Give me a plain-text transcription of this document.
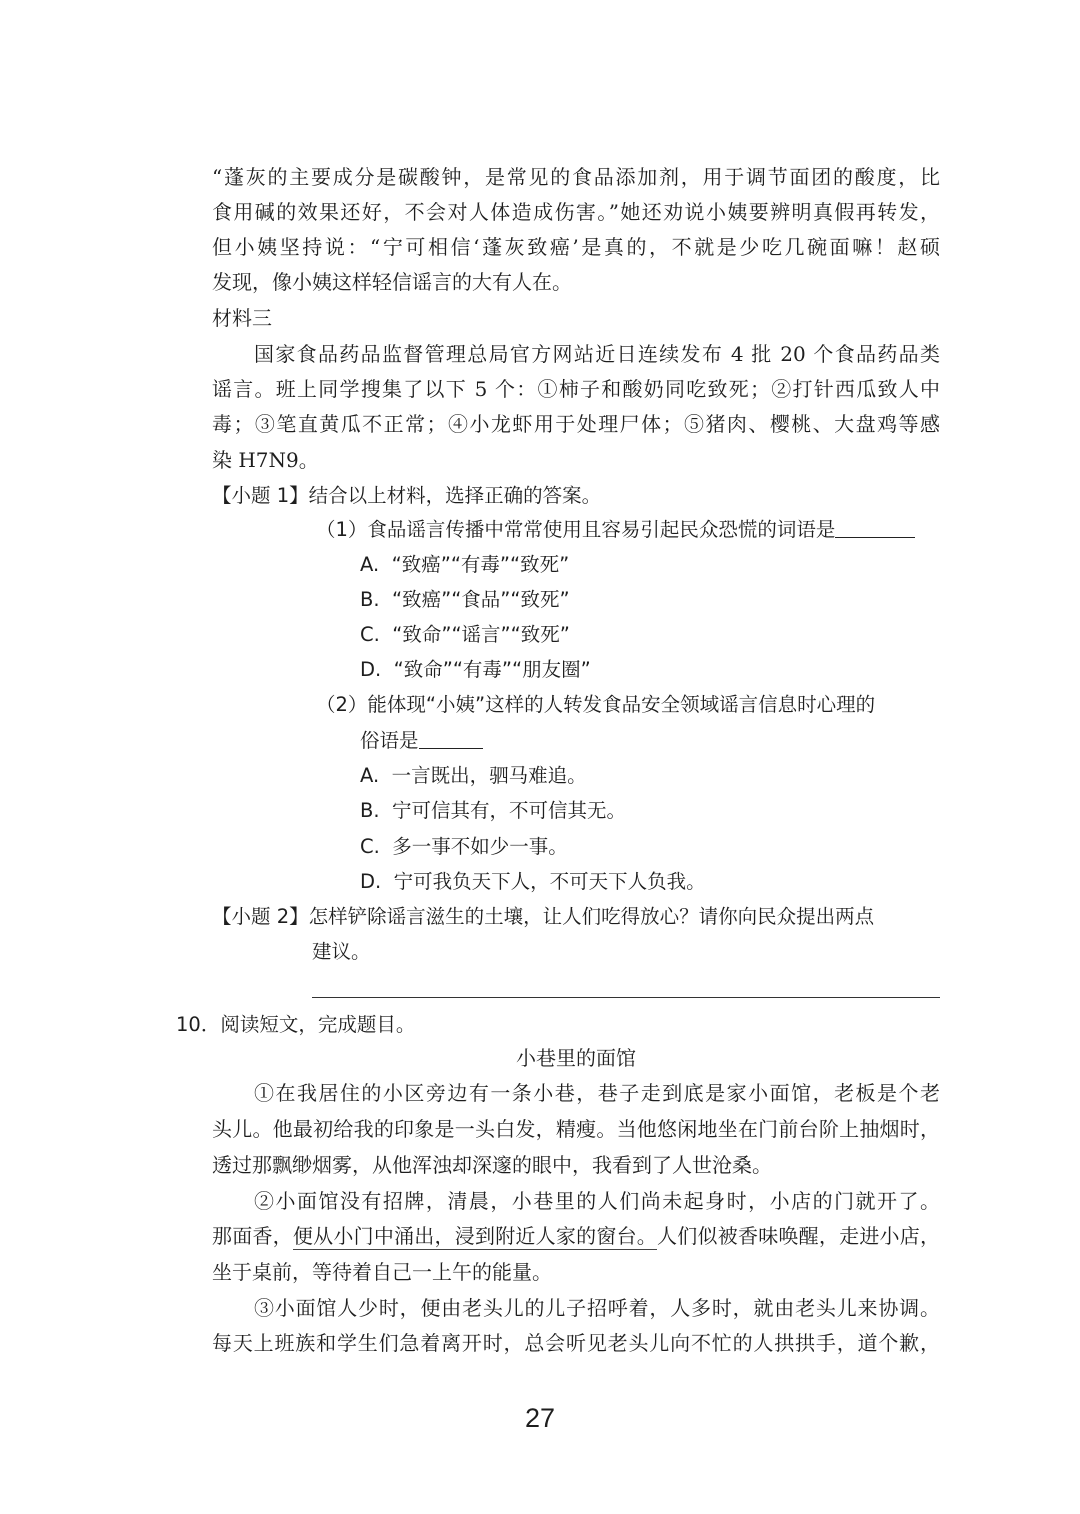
“蓬灰的主要成分是碳酸钟，是常见的食品添加剂，用于调节面团的酸度，比
食用碱的效果还好，不会对人体造成伤害。”她还劝说小姨要辨明真假再转发，
但小姨坚持说：“宁可相信‘蓬灰致癌’是真的，不就是少吃几碗面嘛！赵硕
发现，像小姨这样轻信谣言的大有人在。
材料三
国家食品药品监督管理总局官方网站近日连续发布 4 批 20 个食品药品类
谣言。班上同学搜集了以下 5 个：①柿子和酸奶同吃致死；②打针西瓜致人中
毒；③笔直黄瓜不正常；④小龙虾用于处理尸体；⑤猪肉、樱桃、大盘鸡等感
染 H7N9。
【小题 1】结合以上材料，选择正确的答案。
（1）食品谣言传播中常常使用且容易引起民众恐慌的词语是
A. “致癌”“有毒”“致死”
B. “致癌”“食品”“致死”
C. “致命”“谣言”“致死”
D. “致命”“有毒”“朋友圈”
（2）能体现“小姨”这样的人转发食品安全领域谣言信息时心理的
俗语是
A. 一言既出，驷马难追。
B. 宁可信其有，不可信其无。
C. 多一事不如少一事。
D. 宁可我负天下人，不可天下人负我。
【小题 2】怎样铲除谣言滋生的土壤，让人们吃得放心？请你向民众提出两点
建议。
10．阅读短文，完成题目。
小巷里的面馆
①在我居住的小区旁边有一条小巷，巷子走到底是家小面馆，老板是个老
头儿。他最初给我的印象是一头白发，精瘦。当他悠闲地坐在门前台阶上抽烟时，
透过那飘缈烟雾，从他浑浊却深邃的眼中，我看到了人世沧桑。
②小面馆没有招牌，清晨，小巷里的人们尚未起身时，小店的门就开了。
那面香，便从小门中涌出，浸到附近人家的窗台。人们似被香味唤醒，走进小店，
坐于桌前，等待着自己一上午的能量。
③小面馆人少时，便由老头儿的儿子招呼着，人多时，就由老头儿来协调。
每天上班族和学生们急着离开时，总会听见老头儿向不忙的人拱拱手，道个歉，
27
